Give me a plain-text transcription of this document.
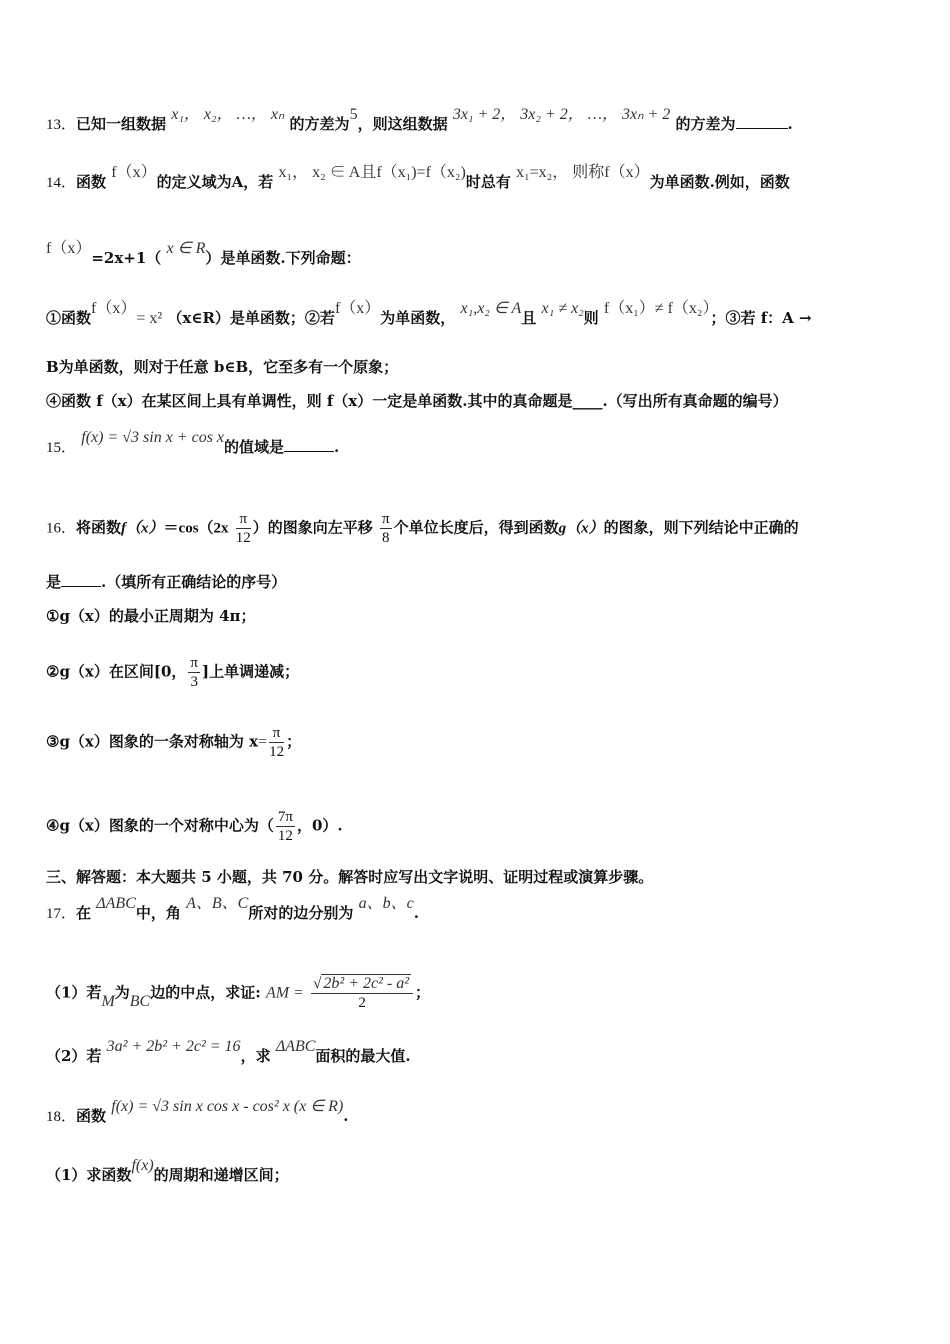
13．已知一组数据 x₁， x₂， …， xₙ 的方差为5，则这组数据 3x₁ + 2， 3x₂ + 2， …， 3xₙ + 2 的方差为	.
14．函数 f（x）的定义域为A，若 x₁， x₂ ∈ A且f（x₁)=f（x₂)时总有 x₁=x₂， 则称f（x）为单函数.例如，函数
f（x）=2x+1（ x ∈ R）是单函数.下列命题：
①函数f（x）= x² （x∈R）是单函数；②若f（x）为单函数， x₁,x₂ ∈ A且 x₁ ≠ x₂则 f（x₁）≠ f（x₂）；③若 f：A →
B为单函数，则对于任意 b∈B，它至多有一个原象；
④函数 f（x）在某区间上具有单调性，则 f（x）一定是单函数.其中的真命题是____.（写出所有真命题的编号）
15． f(x) = √3 sin x + cos x的值域是	.
16．将函数$f(x)=\cos(2x \frac{\pi}{12}$ ）的图象向左平移 $\frac{\pi}{8}$ 个单位长度后，得到函数g（x）的图象，则下列结论中正确的
是	.（填所有正确结论的序号）
①g（x）的最小正周期为 4π；
②g（x）在区间[0， $\frac{\pi}{3}$ ]上单调递减；
③g（x）图象的一条对称轴为 $x= \frac{\pi}{12}$ ；
④g（x）图象的一个对称中心为（ $\frac{7\pi}{12}$ ，0）.
三、解答题：本大题共 5 小题，共 70 分。解答时应写出文字说明、证明过程或演算步骤。
17．在 ΔABC中，角 A、B、C所对的边分别为 a、b、c.
（1）若M为BC边的中点，求证: AM = $\frac{\text{√ 2b² + 2c² - a²}}{2}$ ；
（2）若 3a² + 2b² + 2c² = 16，求 ΔABC面积的最大值.
18．函数 f(x) = √3 sin x cos x - cos² x (x ∈ R).
（1）求函数f(x)的周期和递增区间；
